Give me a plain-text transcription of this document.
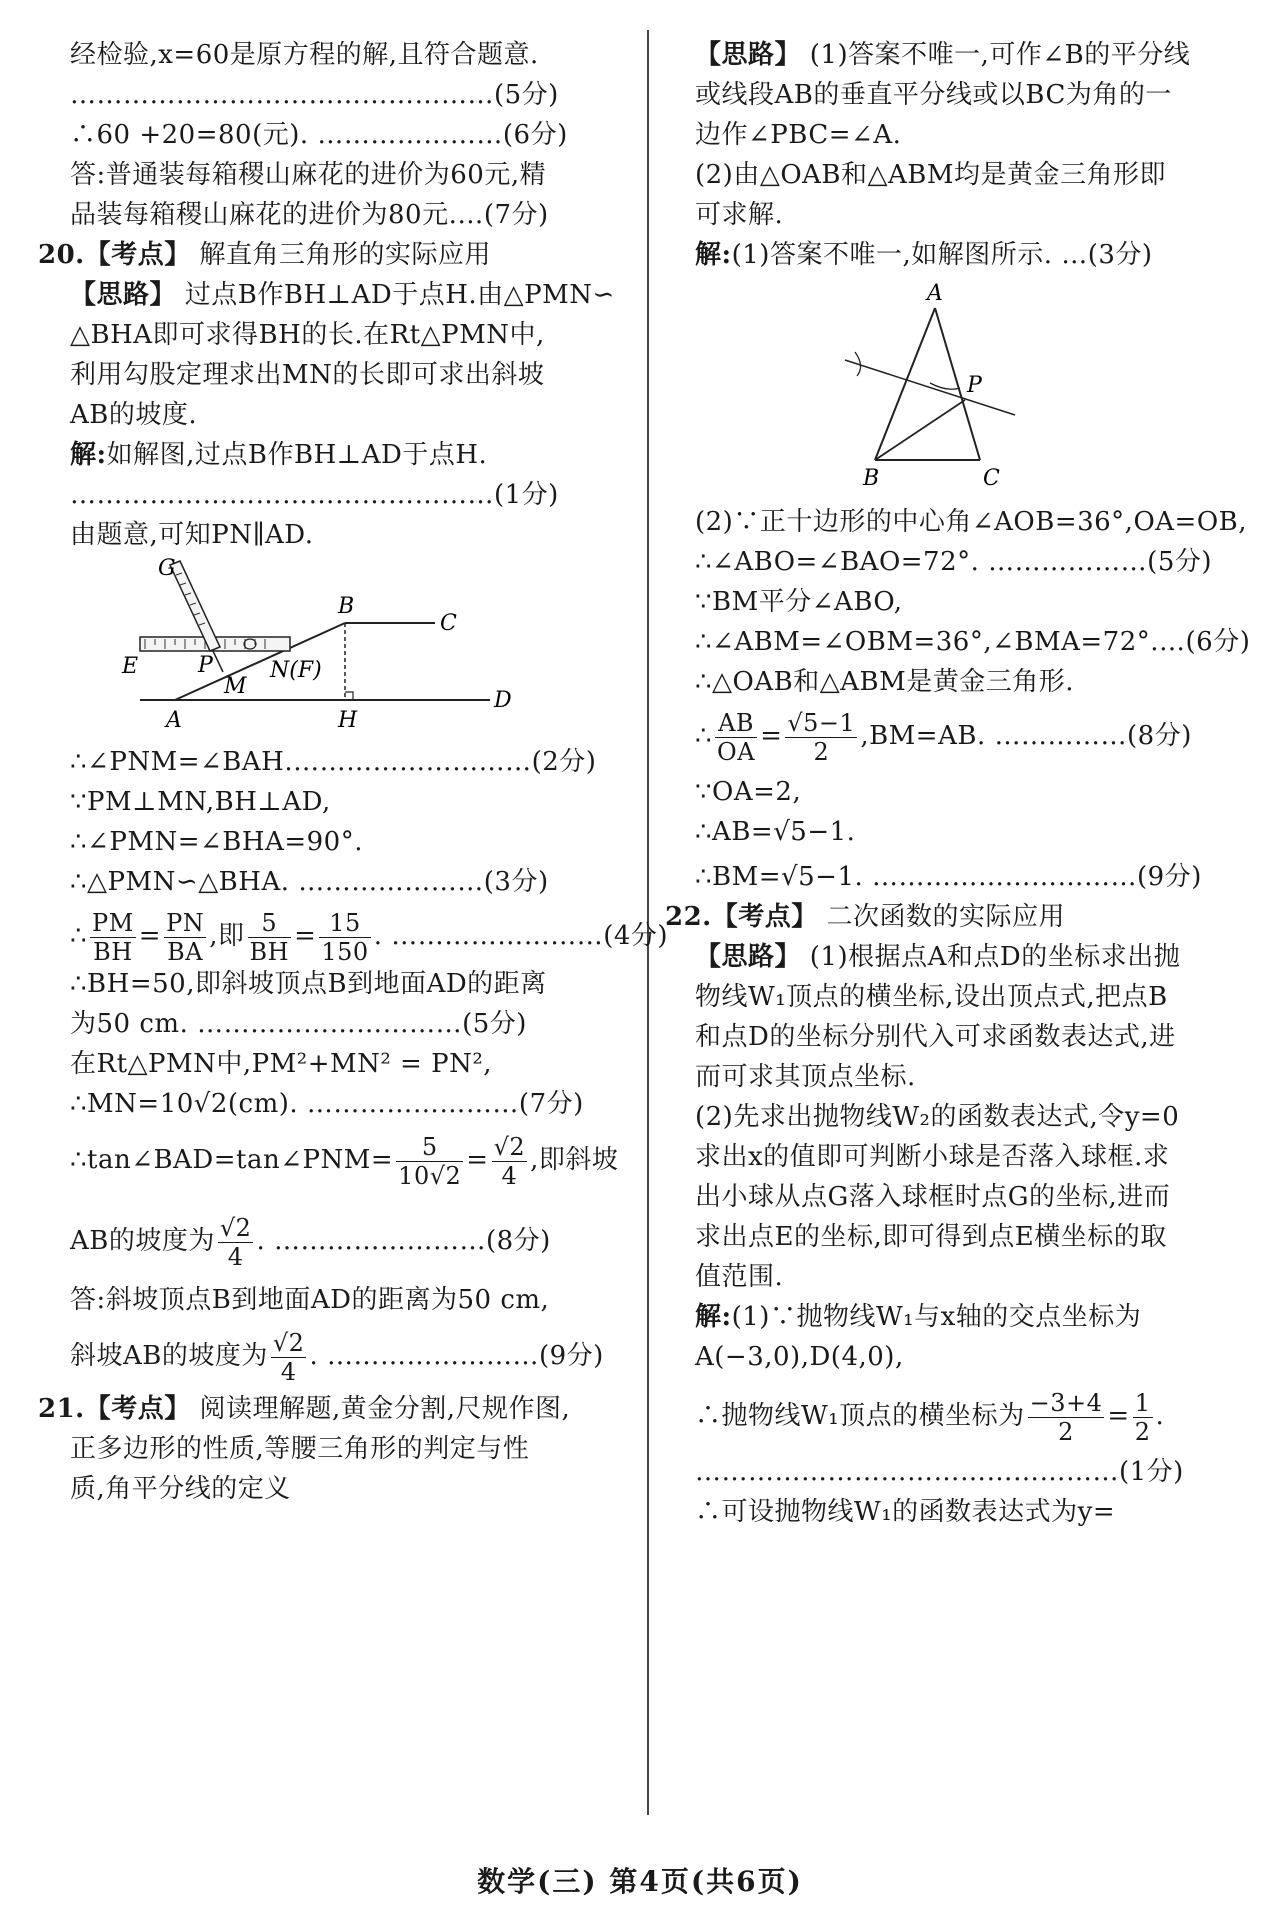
经检验,x=60是原方程的解,且符合题意.
…………………………………………(5分)
∴60 +20=80(元). …………………(6分)
答:普通装每箱稷山麻花的进价为60元,精
品装每箱稷山麻花的进价为80元.…(7分)
20.【考点】 解直角三角形的实际应用
【思路】 过点B作BH⊥AD于点H.由△PMN∽
△BHA即可求得BH的长.在Rt△PMN中,
利用勾股定理求出MN的长即可求出斜坡
AB的坡度.
解:如解图,过点B作BH⊥AD于点H.
…………………………………………(1分)
由题意,可知PN∥AD.
G
B
C
E	P
M
N(F)
A	H
D
∴∠PNM=∠BAH.………………………(2分)
∵PM⊥MN,BH⊥AD,
∴∠PMN=∠BHA=90°.
∴△PMN∽△BHA. …………………(3分)
∴ $\frac{PM}{BH} = \frac{PN}{BA}$ ,即 $\frac{5}{BH} = \frac{15}{150}$ . ……………………(4分)
∴BH=50,即斜坡顶点B到地面AD的距离
为50 cm. …………………………(5分)
在Rt△PMN中,PM²+MN² = PN²,
∴MN=10√2(cm). ……………………(7分)
∴tan∠BAD=tan∠PNM= $\frac{5}{10√2} = \frac{√2}{4}$ ,即斜坡
AB的坡度为 $\frac{√2}{4}$ . ……………………(8分)
答:斜坡顶点B到地面AD的距离为50 cm,
斜坡AB的坡度为 $\frac{√2}{4}$ . ……………………(9分)
21.【考点】 阅读理解题,黄金分割,尺规作图,
正多边形的性质,等腰三角形的判定与性
质,角平分线的定义
【思路】 (1)答案不唯一,可作∠B的平分线
或线段AB的垂直平分线或以BC为角的一
边作∠PBC=∠A.
(2)由△OAB和△ABM均是黄金三角形即
可求解.
解:(1)答案不唯一,如解图所示. …(3分)
A
P
B	C
(2)∵正十边形的中心角∠AOB=36°,OA=OB,
∴∠ABO=∠BAO=72°. ………………(5分)
∵BM平分∠ABO,
∴∠ABM=∠OBM=36°,∠BMA=72°.…(6分)
∴△OAB和△ABM是黄金三角形.
∴ $\frac{AB}{OA} = \frac{√5-1}{2} ,BM=AB$. ……………(8分)
∵OA=2,
∴AB=√5−1.
∴BM=√5−1. …………………………(9分)
22.【考点】 二次函数的实际应用
【思路】 (1)根据点A和点D的坐标求出抛
物线W₁顶点的横坐标,设出顶点式,把点B
和点D的坐标分别代入可求函数表达式,进
而可求其顶点坐标.
(2)先求出抛物线W₂的函数表达式,令y=0
求出x的值即可判断小球是否落入球框.求
出小球从点G落入球框时点G的坐标,进而
求出点E的坐标,即可得到点E横坐标的取
值范围.
解:(1)∵抛物线W₁与x轴的交点坐标为
A(−3,0),D(4,0),
∴抛物线W₁顶点的横坐标为 $\frac{-3+4}{2} = \frac{1}{2}$ .
…………………………………………(1分)
∴可设抛物线W₁的函数表达式为y=
数学(三) 第4页(共6页)
